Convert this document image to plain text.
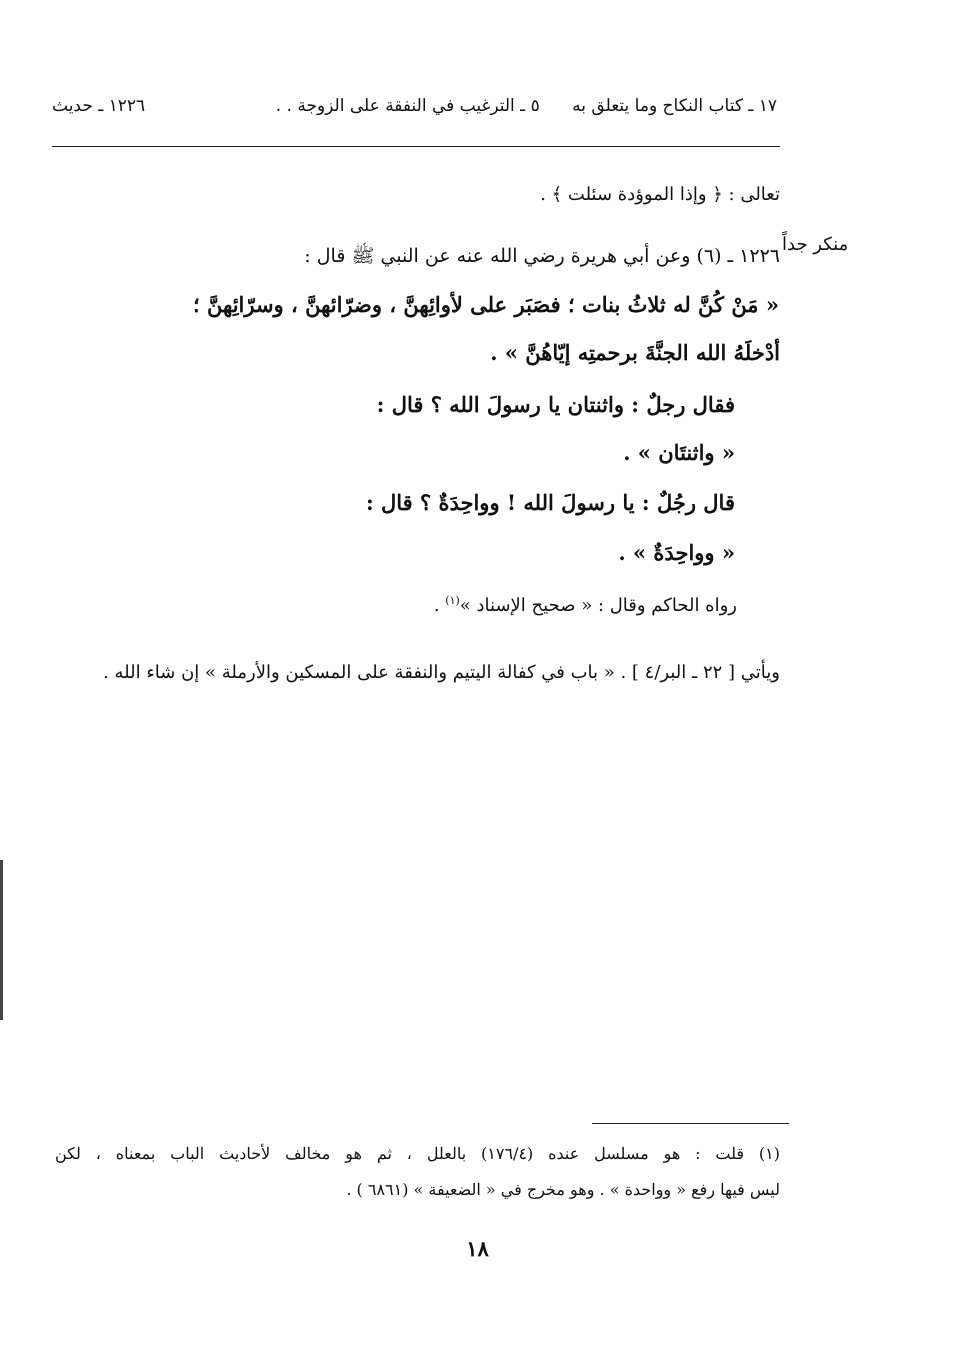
١٧ ـ كتاب النكاح وما يتعلق به      ٥ ـ الترغيب في النفقة على الزوجة . .
١٢٢٦ ـ حديث
تعالى : ﴿ وإذا الموؤدة سئلت ﴾ .
منكر جداً
١٢٢٦ ـ (٦) وعن أبي هريرة رضي الله عنه عن النبي ﷺ قال :
« مَنْ كُنَّ له ثلاثُ بنات ؛ فصَبَر على لأوائِهنَّ ، وضرّائهنَّ ، وسرّائِهنَّ ؛
أدْخلَهُ الله الجنَّةَ برحمتِه إيّاهُنَّ » .
فقال رجلٌ : واثنتان يا رسولَ الله ؟ قال :
« واثنتَان » .
قال رجُلٌ : يا رسولَ الله ! وواحِدَةٌ ؟ قال :
« وواحِدَةٌ » .
رواه الحاكم وقال : « صحيح الإسناد »$^{(١)}$ .
ويأتي [ ٢٢ ـ البر/٤ ] . « باب في كفالة اليتيم والنفقة على المسكين والأرملة » إن شاء الله .
(١) قلت : هو مسلسل عنده (١٧٦/٤) بالعلل ، ثم هو مخالف لأحاديث الباب بمعناه ، لكن
ليس فيها رفع « وواحدة » . وهو مخرج في « الضعيفة » (٦٨٦١ ) .
١٨
